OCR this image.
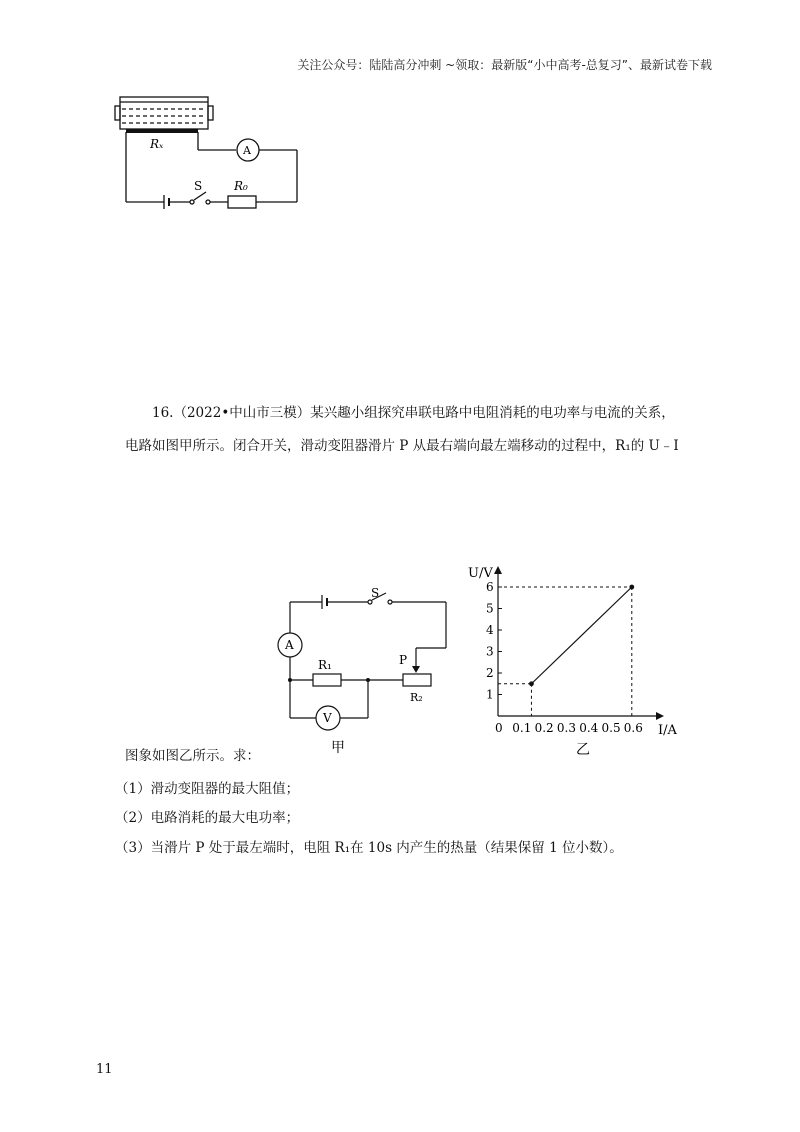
关注公众号：陆陆高分冲刺 ~领取：最新版“小中高考-总复习”、最新试卷下载
Rₓ	A
S	R₀
16.（2022•中山市三模）某兴趣小组探究串联电路中电阻消耗的电功率与电流的关系，
电路如图甲所示。闭合开关，滑动变阻器滑片 P 从最右端向最左端移动的过程中，R₁的 U﹣I
图象如图乙所示。求：
（1）滑动变阻器的最大阻值；
（2）电路消耗的最大电功率；
（3）当滑片 P 处于最左端时，电阻 R₁在 10s 内产生的热量（结果保留 1 位小数）。
S
A
R₁	P
R₂
V
甲
0 0.1 0.2 0.3 0.4 0.5 0.6
1
2
3
4
5
6
U/V
I/A
乙
11
